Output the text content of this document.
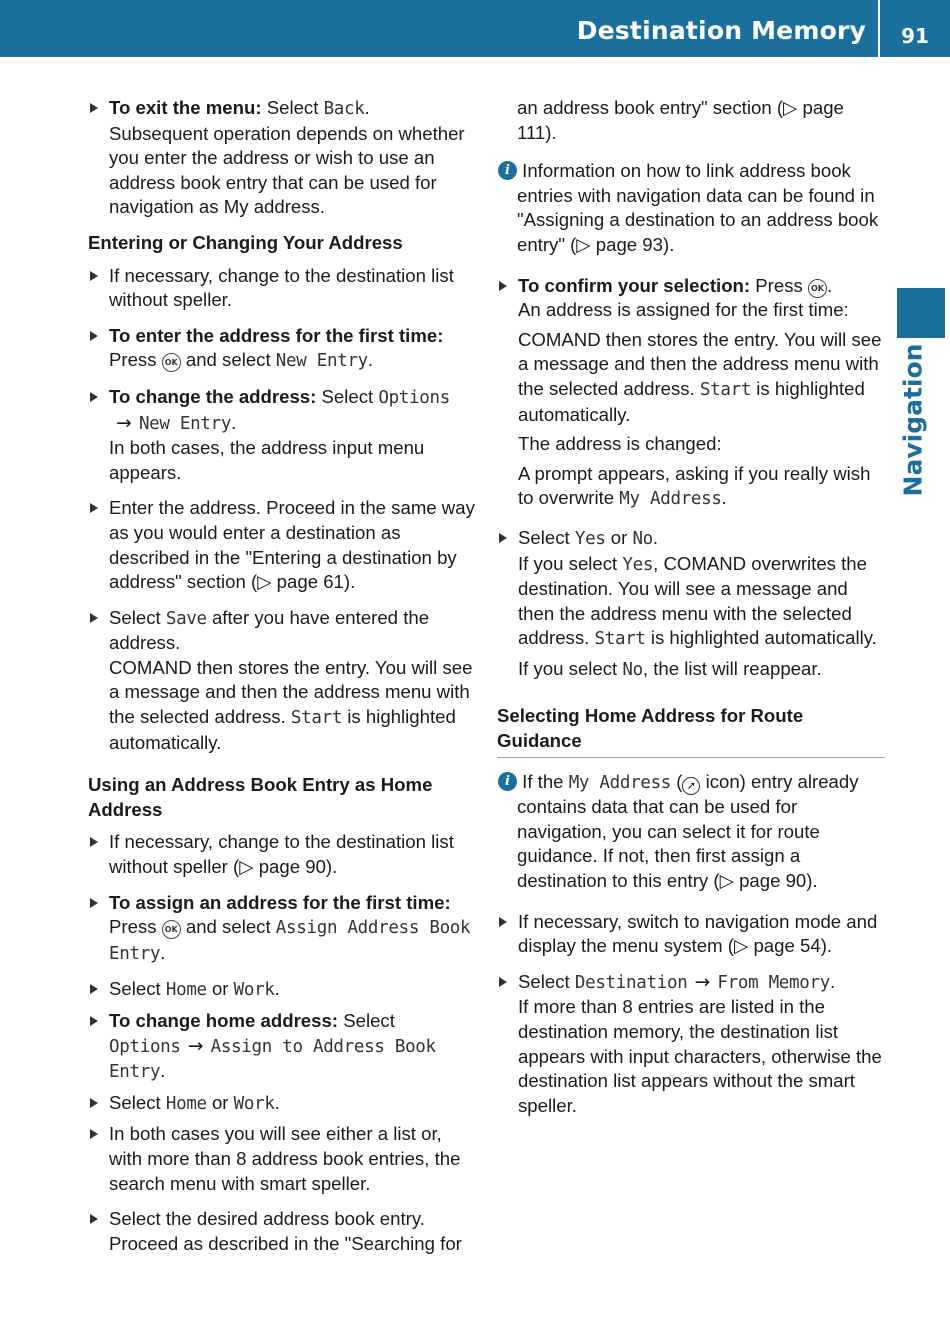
Destination Memory	91
Navigation

To exit the menu: Select Back.
Subsequent operation depends on whether you enter the address or wish to use an address book entry that can be used for navigation as My address.

Entering or Changing Your Address

If necessary, change to the destination list without speller.

To enter the address for the first time:
Press OK and select New Entry.

To change the address: Select Options
→ New Entry.
In both cases, the address input menu appears.

Enter the address. Proceed in the same way as you would enter a destination as described in the "Entering a destination by address" section (▷ page 61).

Select Save after you have entered the address.
COMAND then stores the entry. You will see a message and then the address menu with the selected address. Start is highlighted automatically.

Using an Address Book Entry as Home Address

If necessary, change to the destination list without speller (▷ page 90).

To assign an address for the first time:
Press OK and select Assign Address Book Entry.

Select Home or Work.

To change home address: Select
Options → Assign to Address Book Entry.

Select Home or Work.

In both cases you will see either a list or, with more than 8 address book entries, the search menu with smart speller.

Select the desired address book entry. Proceed as described in the "Searching for

an address book entry" section (▷ page 111).

i Information on how to link address book entries with navigation data can be found in "Assigning a destination to an address book entry" (▷ page 93).

To confirm your selection: Press OK .

An address is assigned for the first time:

COMAND then stores the entry. You will see a message and then the address menu with the selected address. Start is highlighted automatically.

The address is changed:

A prompt appears, asking if you really wish to overwrite My Address.

Select Yes or No.
If you select Yes, COMAND overwrites the destination. You will see a message and then the address menu with the selected address. Start is highlighted automatically.

If you select No, the list will reappear.

Selecting Home Address for Route Guidance
i If the My Address ( ➚ icon) entry already contains data that can be used for navigation, you can select it for route guidance. If not, then first assign a destination to this entry (▷ page 90).

If necessary, switch to navigation mode and display the menu system (▷ page 54).

Select Destination → From Memory.
If more than 8 entries are listed in the destination memory, the destination list appears with input characters, otherwise the destination list appears without the smart speller.
